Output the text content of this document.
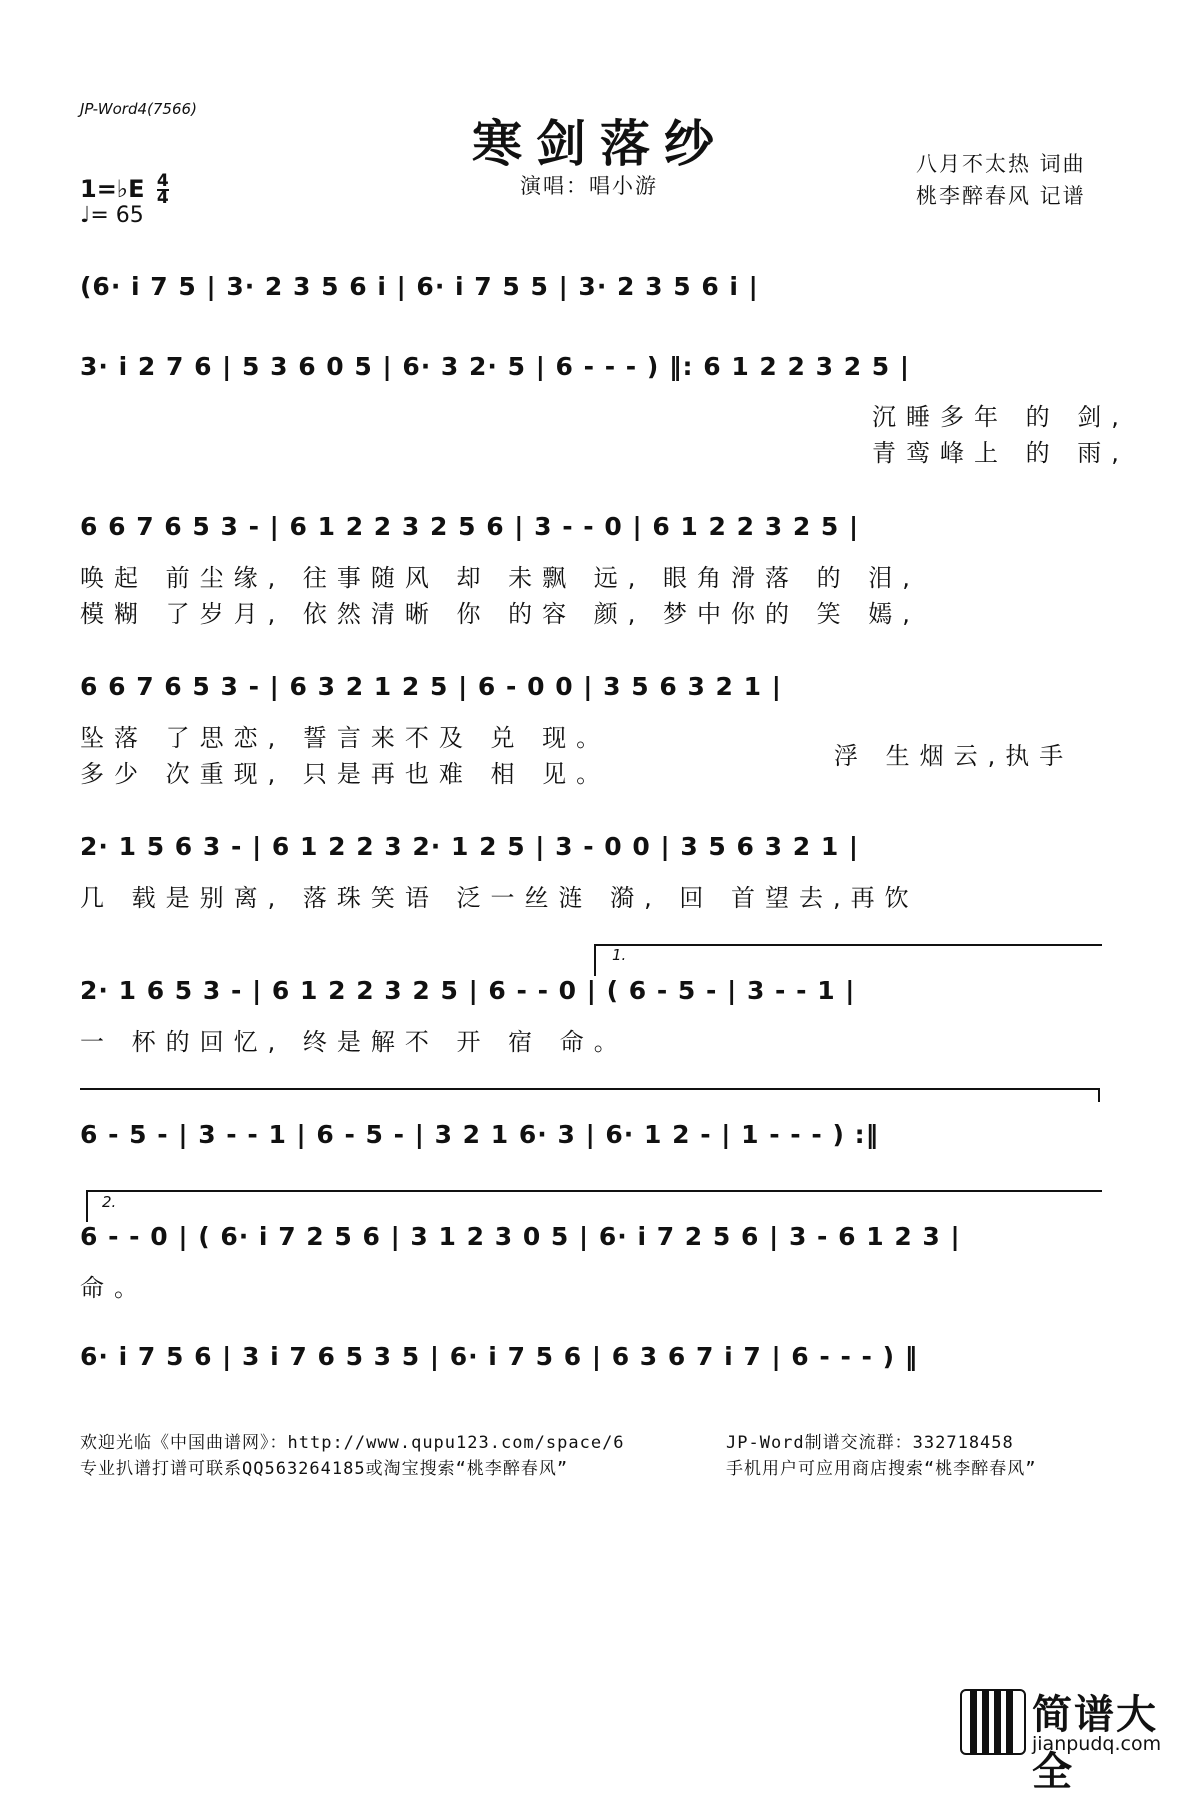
JP-Word4(7566)
寒剑落纱
1=♭E $\frac{4}{4}$
♩= 65
演唱：唱小游
八月不太热 词曲
桃李醉春风 记谱
(6· i 7 5 | 3· 2 3 5 6 i | 6· i 7 5 5 | 3· 2 3 5 6 i |
3· i 2 7 6 | 5 3 6 0 5 | 6· 3 2· 5 | 6 - - - ) ‖: 6 1 2 2 3 2 5 |
沉睡多年 的 剑,
青鸾峰上 的 雨,
6 6 7 6 5 3 - | 6 1 2 2 3 2 5 6 | 3 - - 0 | 6 1 2 2 3 2 5 |
唤起 前尘缘, 往事随风 却 未飘 远, 眼角滑落 的 泪,
模糊 了岁月, 依然清晰 你 的容 颜, 梦中你的 笑 嫣,
6 6 7 6 5 3 - | 6 3 2 1 2 5 | 6 - 0 0 | 3 5 6 3 2 1 |
坠落 了思恋, 誓言来不及 兑 现。
多少 次重现, 只是再也难 相 见。
浮 生烟云,执手
2· 1 5 6 3 - | 6 1 2 2 3 2· 1 2 5 | 3 - 0 0 | 3 5 6 3 2 1 |
几 载是别离, 落珠笑语 泛一丝涟 漪, 回 首望去,再饮
1.
2· 1 6 5 3 - | 6 1 2 2 3 2 5 | 6 - - 0 | ( 6 - 5 - | 3 - - 1 |
一 杯的回忆, 终是解不 开 宿 命。
6 - 5 - | 3 - - 1 | 6 - 5 - | 3 2 1 6· 3 | 6· 1 2 - | 1 - - - ) :‖
2.
6 - - 0 | ( 6· i 7 2 5 6 | 3 1 2 3 0 5 | 6· i 7 2 5 6 | 3 - 6 1 2 3 |
命。
6· i 7 5 6 | 3 i 7 6 5 3 5 | 6· i 7 5 6 | 6 3 6 7 i 7 | 6 - - - ) ‖
欢迎光临《中国曲谱网》：http://www.qupu123.com/space/6
专业扒谱打谱可联系QQ563264185或淘宝搜索“桃李醉春风”
JP-Word制谱交流群：332718458
手机用户可应用商店搜索“桃李醉春风”
简谱大全
jianpudq.com
